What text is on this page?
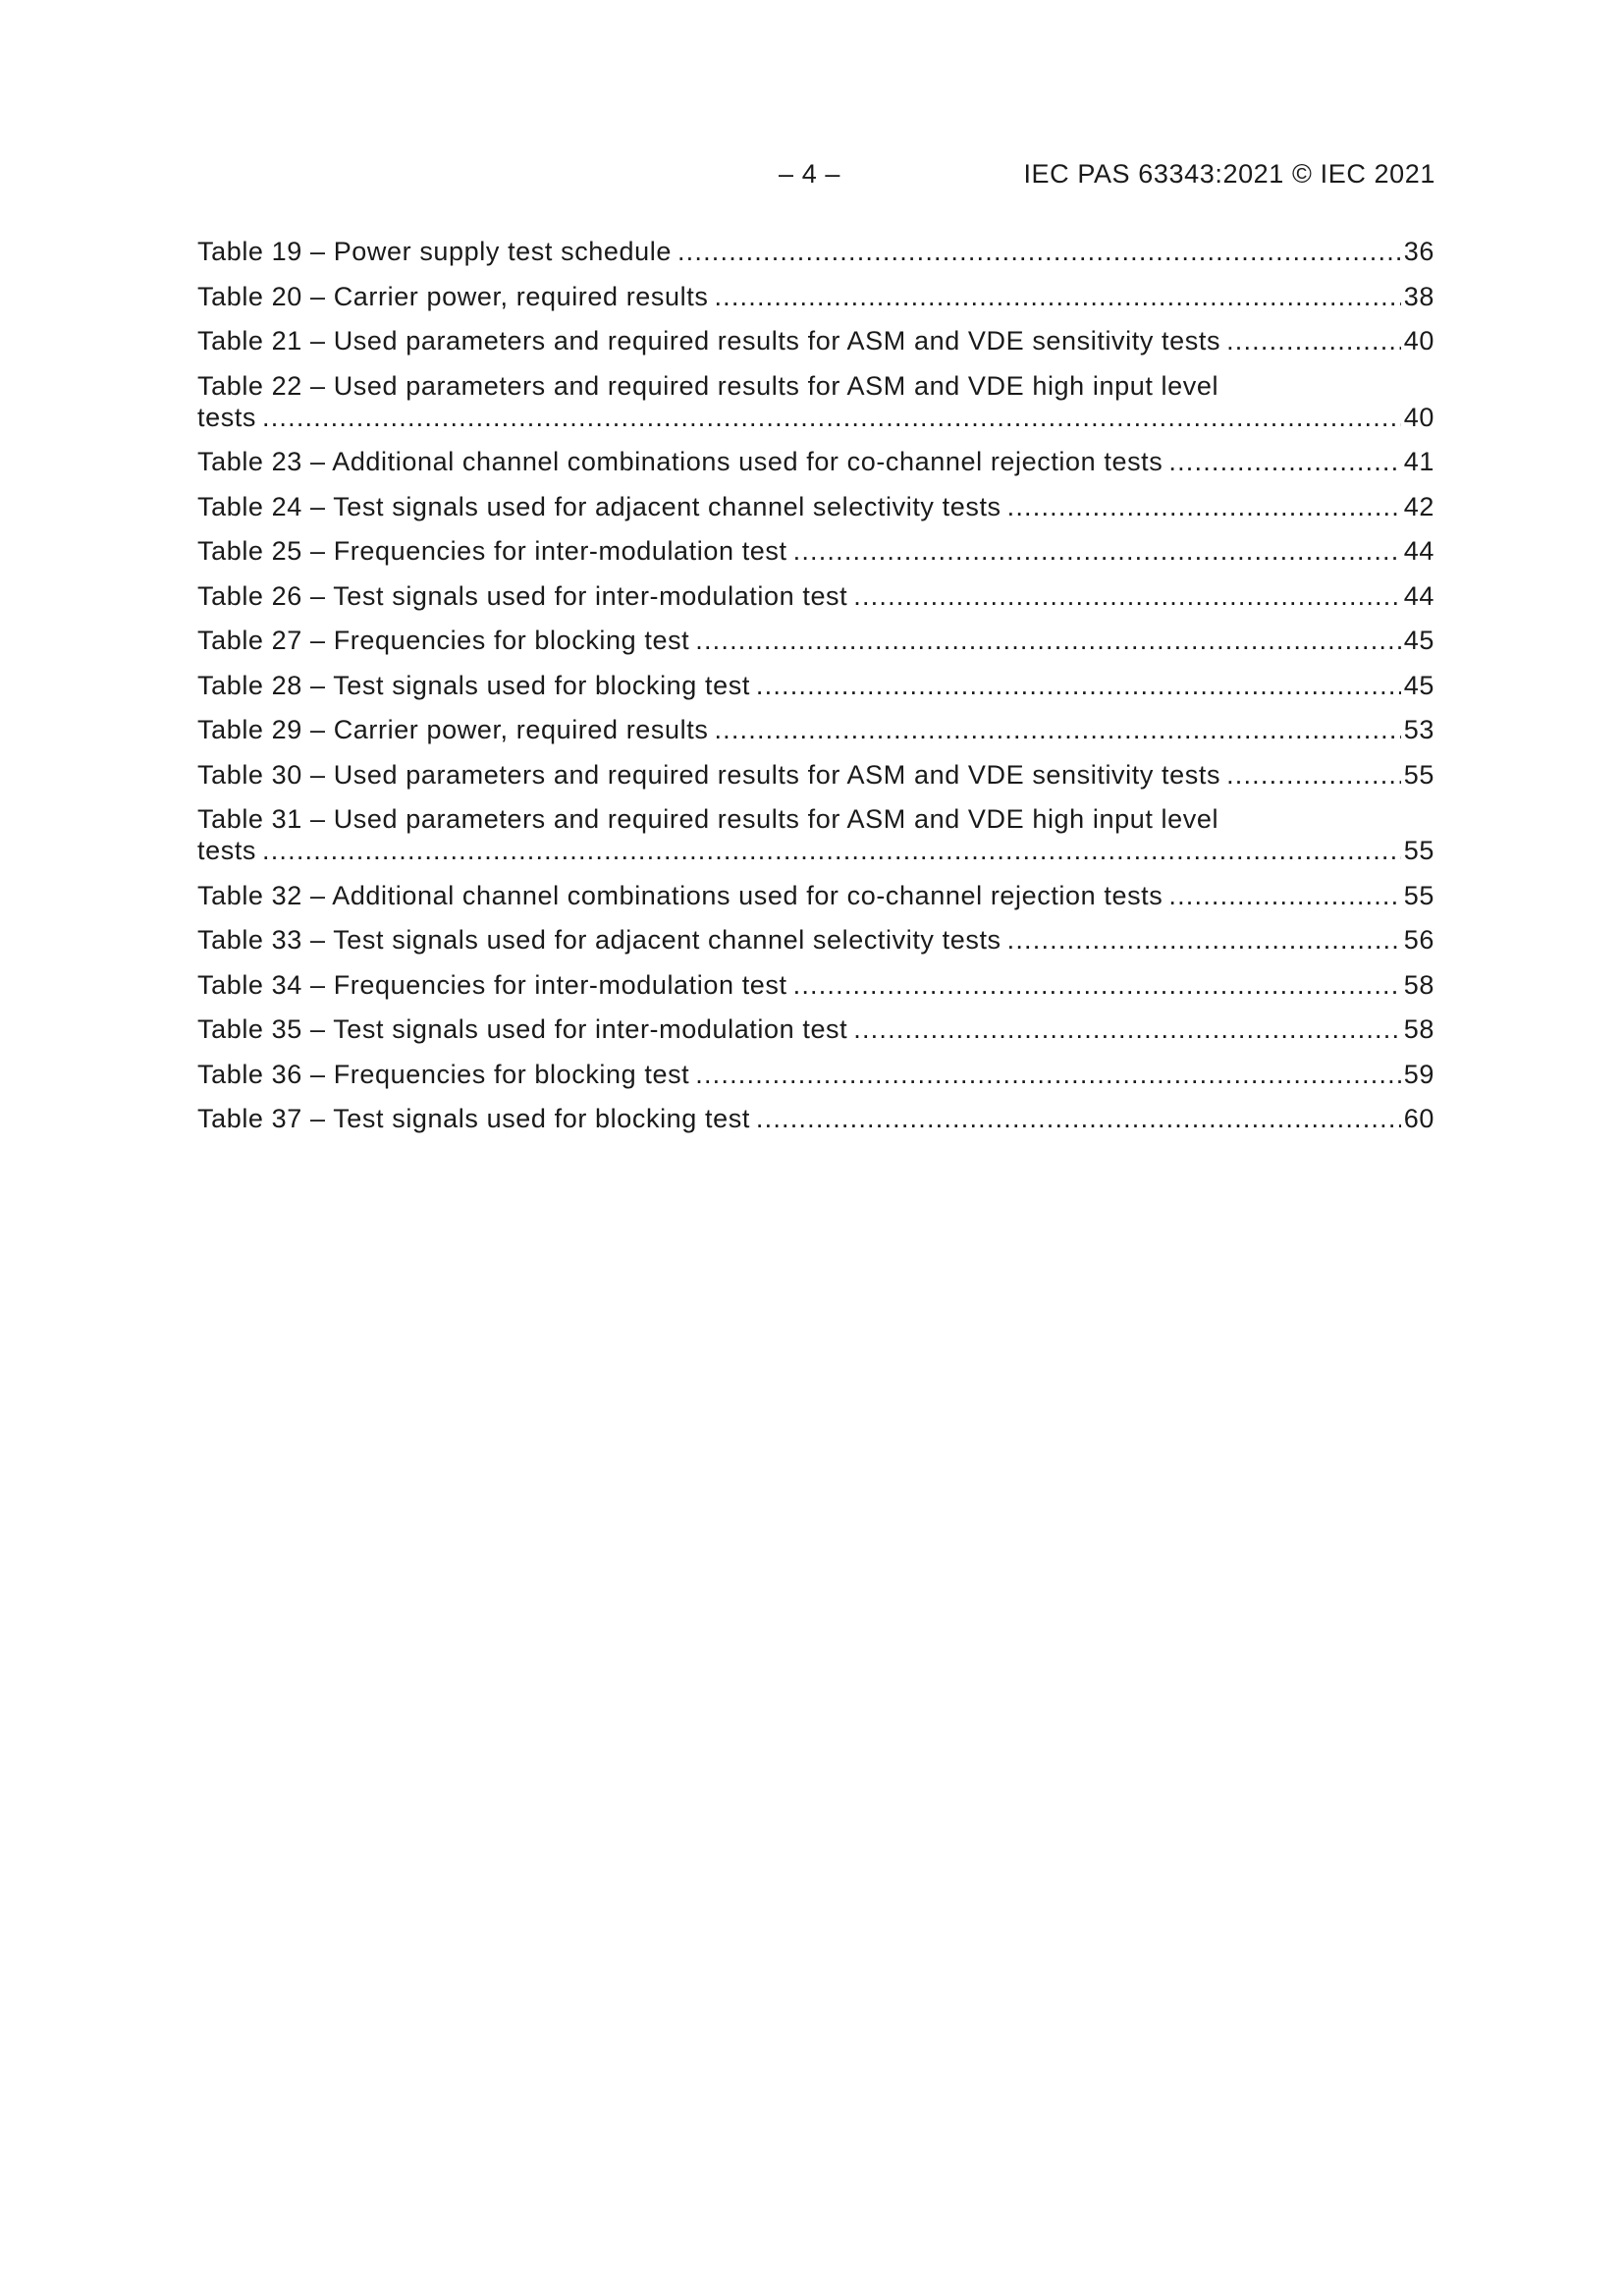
– 4 –	IEC PAS 63343:2021 © IEC 2021
Table 19 – Power supply test schedule .....	36
Table 20 – Carrier power, required results .....	38
Table 21 – Used parameters and required results for ASM and VDE sensitivity tests .....	40
Table 22 – Used parameters and required results for ASM and VDE high input level
tests .....	40
Table 23 – Additional channel combinations used for co-channel rejection tests .....	41
Table 24 – Test signals used for adjacent channel selectivity tests .....	42
Table 25 – Frequencies for inter-modulation test .....	44
Table 26 – Test signals used for inter-modulation test .....	44
Table 27 – Frequencies for blocking test .....	45
Table 28 – Test signals used for blocking test .....	45
Table 29 – Carrier power, required results .....	53
Table 30 – Used parameters and required results for ASM and VDE sensitivity tests .....	55
Table 31 – Used parameters and required results for ASM and VDE high input level
tests .....	55
Table 32 – Additional channel combinations used for co-channel rejection tests .....	55
Table 33 – Test signals used for adjacent channel selectivity tests .....	56
Table 34 – Frequencies for inter-modulation test .....	58
Table 35 – Test signals used for inter-modulation test .....	58
Table 36 – Frequencies for blocking test .....	59
Table 37 – Test signals used for blocking test .....	60
